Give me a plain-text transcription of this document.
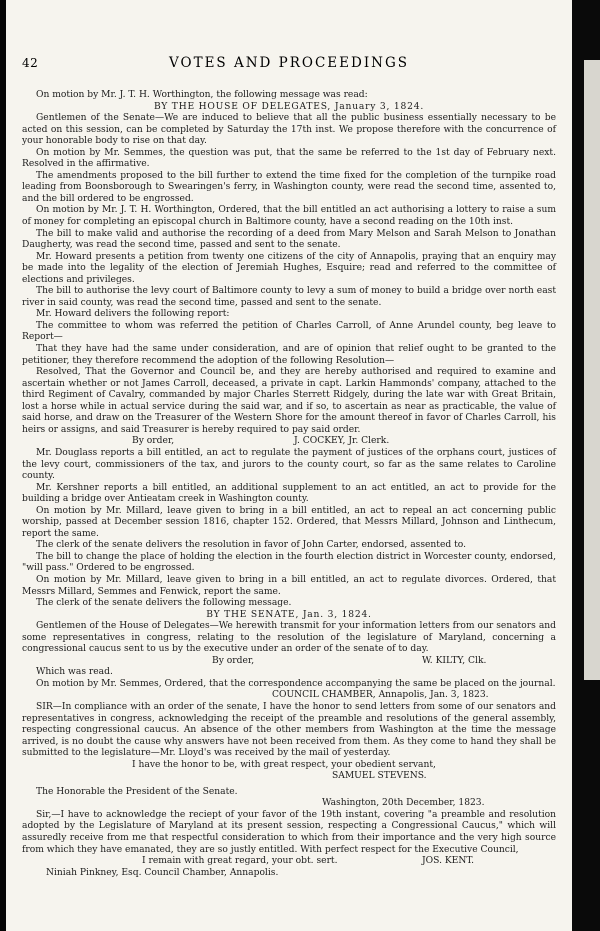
42	VOTES AND PROCEEDINGS

On motion by Mr. J. T. H. Worthington, the following message was read:

BY THE HOUSE OF DELEGATES, January 3, 1824.

Gentlemen of the Senate—We are induced to believe that all the public business essentially necessary to be acted on this session, can be completed by Saturday the 17th inst. We propose therefore with the concurrence of your honorable body to rise on that day.

On motion by Mr. Semmes, the question was put, that the same be referred to the 1st day of February next. Resolved in the affirmative.

The amendments proposed to the bill further to extend the time fixed for the completion of the turnpike road leading from Boonsborough to Swearingen's ferry, in Washington county, were read the second time, assented to, and the bill ordered to be engrossed.

On motion by Mr. J. T. H. Worthington, Ordered, that the bill entitled an act authorising a lottery to raise a sum of money for completing an episcopal church in Baltimore county, have a second reading on the 10th inst.

The bill to make valid and authorise the recording of a deed from Mary Melson and Sarah Melson to Jonathan Daugherty, was read the second time, passed and sent to the senate.

Mr. Howard presents a petition from twenty one citizens of the city of Annapolis, praying that an enquiry may be made into the legality of the election of Jeremiah Hughes, Esquire; read and referred to the committee of elections and privileges.

The bill to authorise the levy court of Baltimore county to levy a sum of money to build a bridge over north east river in said county, was read the second time, passed and sent to the senate.

Mr. Howard delivers the following report:

The committee to whom was referred the petition of Charles Carroll, of Anne Arundel county, beg leave to Report—

That they have had the same under consideration, and are of opinion that relief ought to be granted to the petitioner, they therefore recommend the adoption of the following Resolution—

Resolved, That the Governor and Council be, and they are hereby authorised and required to examine and ascertain whether or not James Carroll, deceased, a private in capt. Larkin Hammonds' company, attached to the third Regiment of Cavalry, commanded by major Charles Sterrett Ridgely, during the late war with Great Britain, lost a horse while in actual service during the said war, and if so, to ascertain as near as practicable, the value of said horse, and draw on the Treasurer of the Western Shore for the amount thereof in favor of Charles Carroll, his heirs or assigns, and said Treasurer is hereby required to pay said order.

By order,	J. COCKEY, Jr. Clerk.

Mr. Douglass reports a bill entitled, an act to regulate the payment of justices of the orphans court, justices of the levy court, commissioners of the tax, and jurors to the county court, so far as the same relates to Caroline county.

Mr. Kershner reports a bill entitled, an additional supplement to an act entitled, an act to provide for the building a bridge over Antieatam creek in Washington county.

On motion by Mr. Millard, leave given to bring in a bill entitled, an act to repeal an act concerning public worship, passed at December session 1816, chapter 152. Ordered, that Messrs Millard, Johnson and Linthecum, report the same.

The clerk of the senate delivers the resolution in favor of John Carter, endorsed, assented to.

The bill to change the place of holding the election in the fourth election district in Worcester county, endorsed, "will pass." Ordered to be engrossed.

On motion by Mr. Millard, leave given to bring in a bill entitled, an act to regulate divorces. Ordered, that Messrs Millard, Semmes and Fenwick, report the same.

The clerk of the senate delivers the following message.

BY THE SENATE, Jan. 3, 1824.

Gentlemen of the House of Delegates—We herewith transmit for your information letters from our senators and some representatives in congress, relating to the resolution of the legislature of Maryland, concerning a congressional caucus sent to us by the executive under an order of the senate of to day.

By order,	W. KILTY, Clk.

Which was read.

On motion by Mr. Semmes, Ordered, that the correspondence accompanying the same be placed on the journal.

COUNCIL CHAMBER, Annapolis, Jan. 3, 1823.

SIR—In compliance with an order of the senate, I have the honor to send letters from some of our senators and representatives in congress, acknowledging the receipt of the preamble and resolutions of the general assembly, respecting congressional caucus. An absence of the other members from Washington at the time the message arrived, is no doubt the cause why answers have not been received from them. As they come to hand they shall be submitted to the legislature—Mr. Lloyd's was received by the mail of yesterday.

I have the honor to be, with great respect, your obedient servant,

SAMUEL STEVENS.

The Honorable the President of the Senate.

Washington, 20th December, 1823.

Sir,—I have to acknowledge the reciept of your favor of the 19th instant, covering "a preamble and resolution adopted by the Legislature of Maryland at its present session, respecting a Congressional Caucus," which will assuredly receive from me that respectful consideration to which from their importance and the very high source from which they have emanated, they are so justly entitled. With perfect respect for the Executive Council,

I remain with great regard, your obt. sert.	JOS. KENT.

Niniah Pinkney, Esq. Council Chamber, Annapolis.
